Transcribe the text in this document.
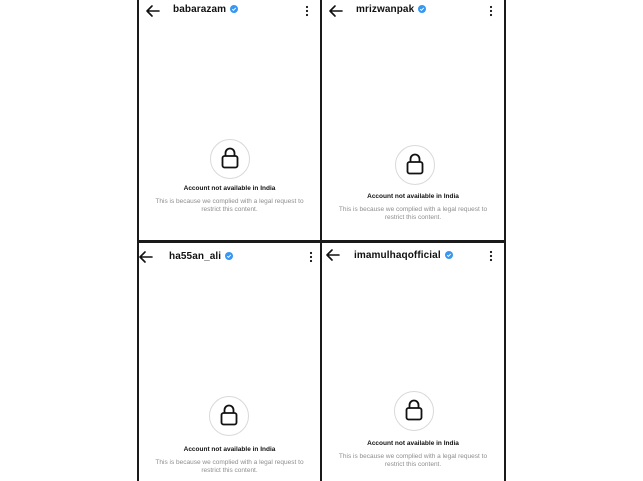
babarazam
Account not available in India
This is because we complied with a legal request to
restrict this content.
mrizwanpak
Account not available in India
This is because we complied with a legal request to
restrict this content.
ha55an_ali
Account not available in India
This is because we complied with a legal request to
restrict this content.
imamulhaqofficial
Account not available in India
This is because we complied with a legal request to
restrict this content.
